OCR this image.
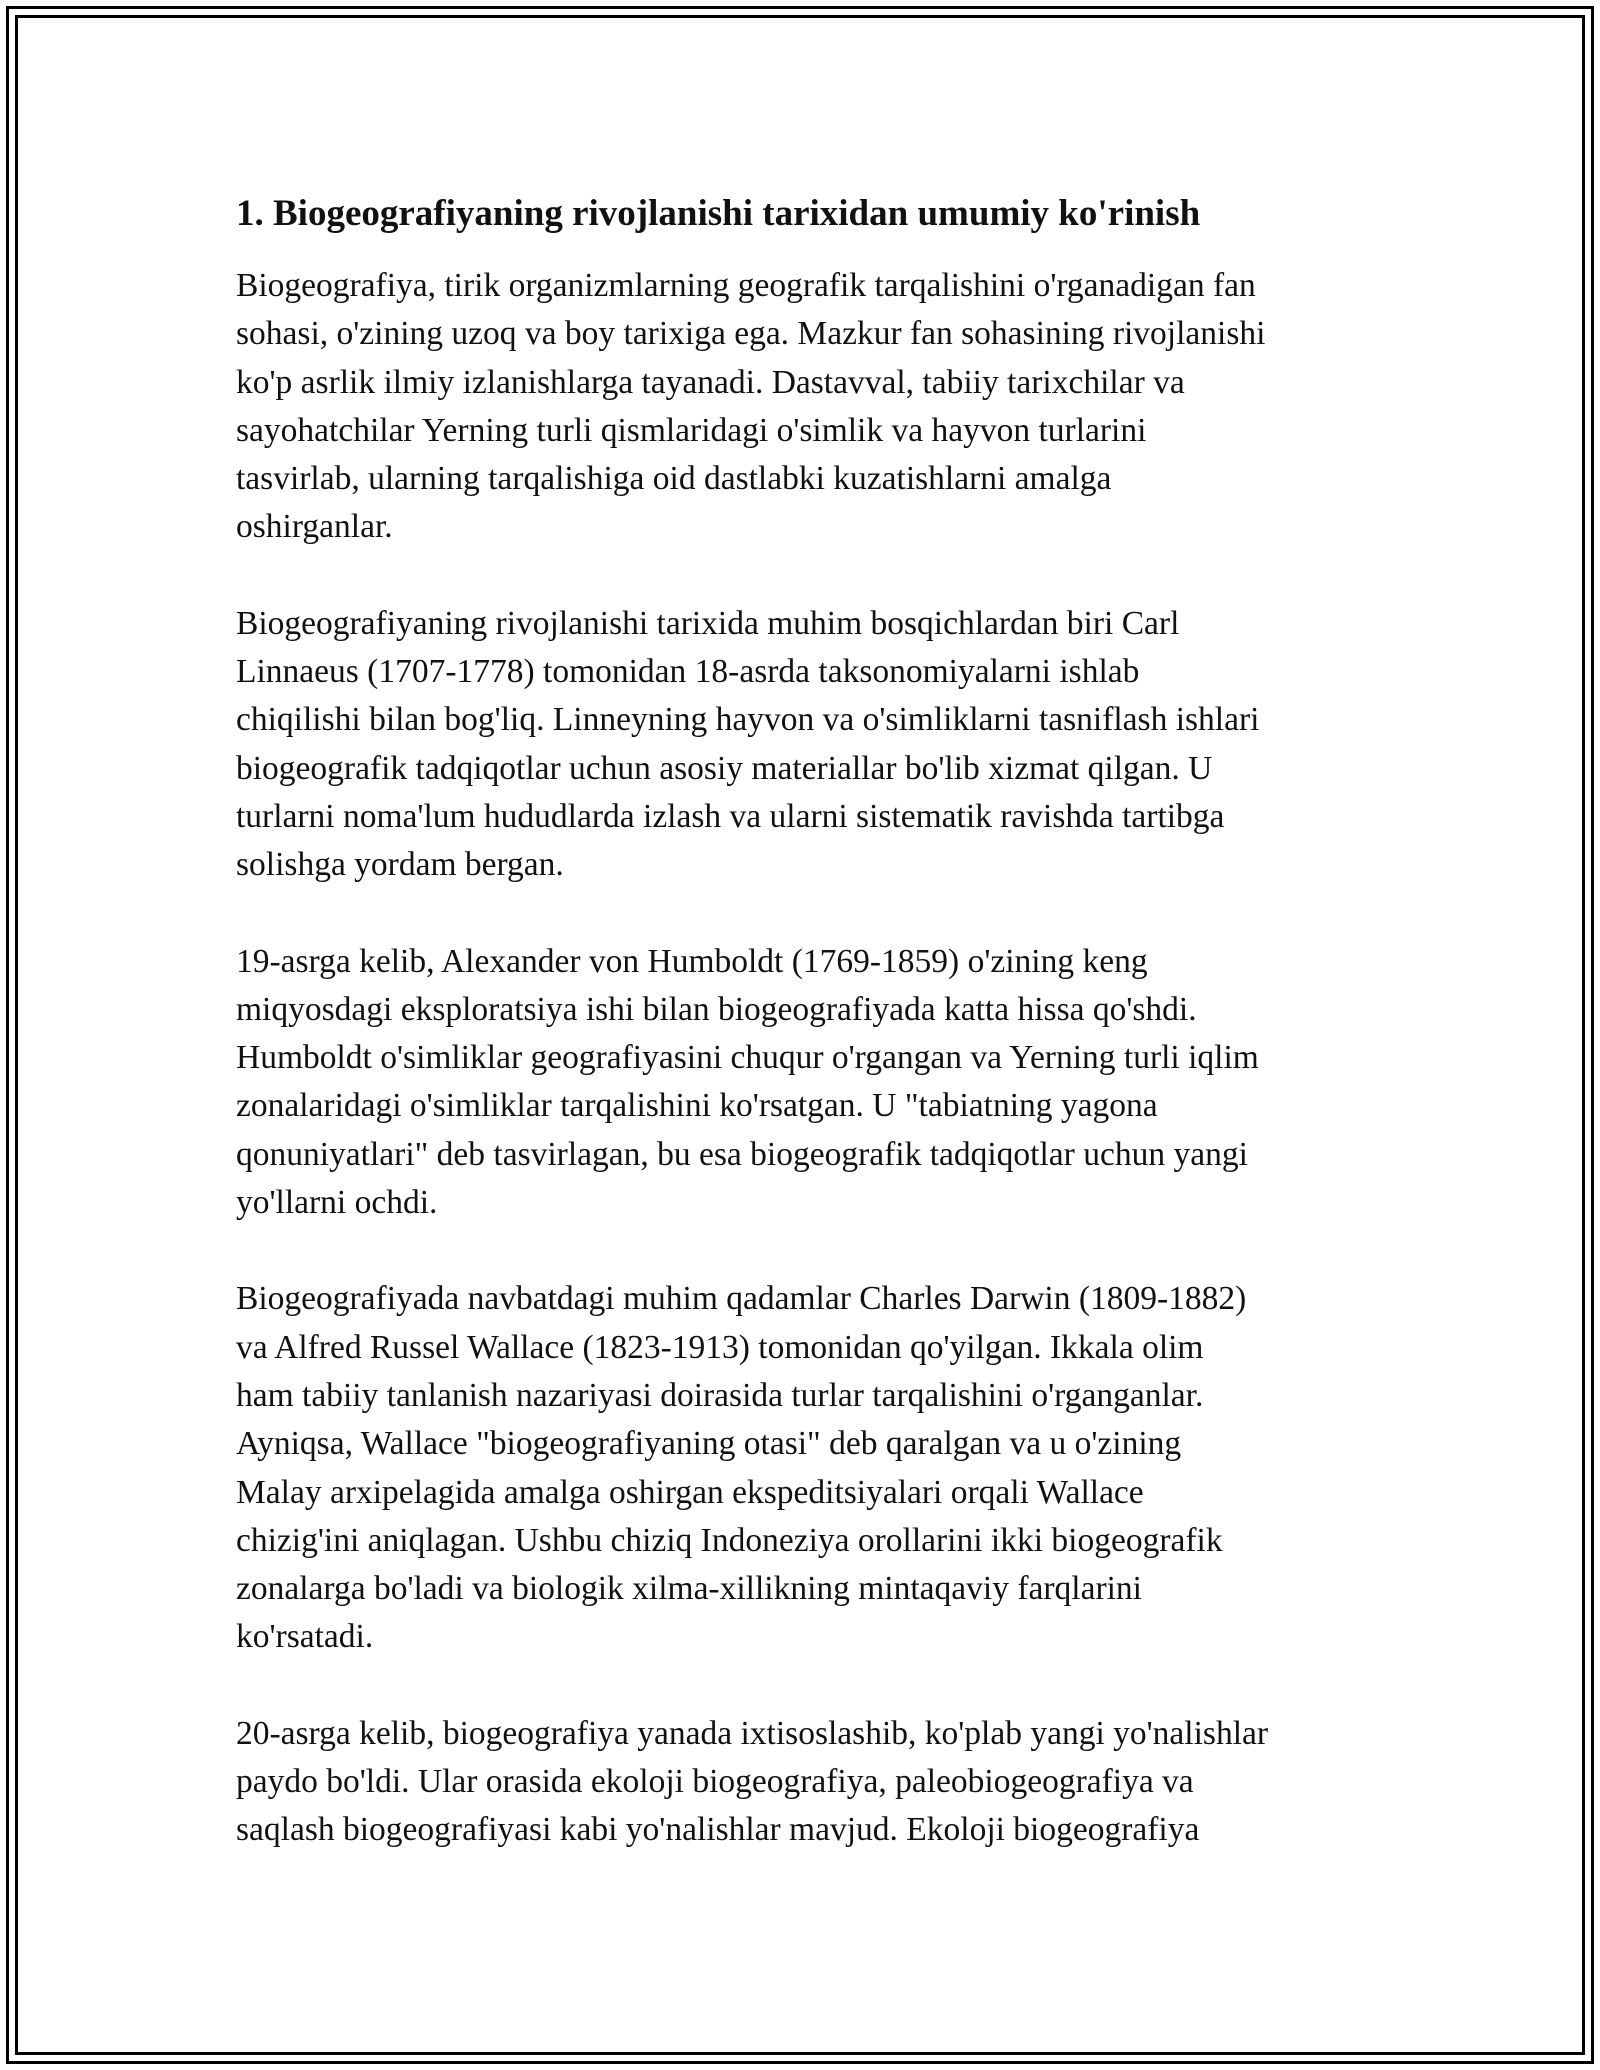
1. Biogeografiyaning rivojlanishi tarixidan umumiy ko'rinish

Biogeografiya, tirik organizmlarning geografik tarqalishini o'rganadigan fan
sohasi, o'zining uzoq va boy tarixiga ega. Mazkur fan sohasining rivojlanishi
ko'p asrlik ilmiy izlanishlarga tayanadi. Dastavval, tabiiy tarixchilar va
sayohatchilar Yerning turli qismlaridagi o'simlik va hayvon turlarini
tasvirlab, ularning tarqalishiga oid dastlabki kuzatishlarni amalga
oshirganlar.

Biogeografiyaning rivojlanishi tarixida muhim bosqichlardan biri Carl
Linnaeus (1707-1778) tomonidan 18-asrda taksonomiyalarni ishlab
chiqilishi bilan bog'liq. Linneyning hayvon va o'simliklarni tasniflash ishlari
biogeografik tadqiqotlar uchun asosiy materiallar bo'lib xizmat qilgan. U
turlarni noma'lum hududlarda izlash va ularni sistematik ravishda tartibga
solishga yordam bergan.

19-asrga kelib, Alexander von Humboldt (1769-1859) o'zining keng
miqyosdagi eksploratsiya ishi bilan biogeografiyada katta hissa qo'shdi.
Humboldt o'simliklar geografiyasini chuqur o'rgangan va Yerning turli iqlim
zonalaridagi o'simliklar tarqalishini ko'rsatgan. U "tabiatning yagona
qonuniyatlari" deb tasvirlagan, bu esa biogeografik tadqiqotlar uchun yangi
yo'llarni ochdi.

Biogeografiyada navbatdagi muhim qadamlar Charles Darwin (1809-1882)
va Alfred Russel Wallace (1823-1913) tomonidan qo'yilgan. Ikkala olim
ham tabiiy tanlanish nazariyasi doirasida turlar tarqalishini o'rganganlar.
Ayniqsa, Wallace "biogeografiyaning otasi" deb qaralgan va u o'zining
Malay arxipelagida amalga oshirgan ekspeditsiyalari orqali Wallace
chizig'ini aniqlagan. Ushbu chiziq Indoneziya orollarini ikki biogeografik
zonalarga bo'ladi va biologik xilma-xillikning mintaqaviy farqlarini
ko'rsatadi.

20-asrga kelib, biogeografiya yanada ixtisoslashib, ko'plab yangi yo'nalishlar
paydo bo'ldi. Ular orasida ekoloji biogeografiya, paleobiogeografiya va
saqlash biogeografiyasi kabi yo'nalishlar mavjud. Ekoloji biogeografiya
